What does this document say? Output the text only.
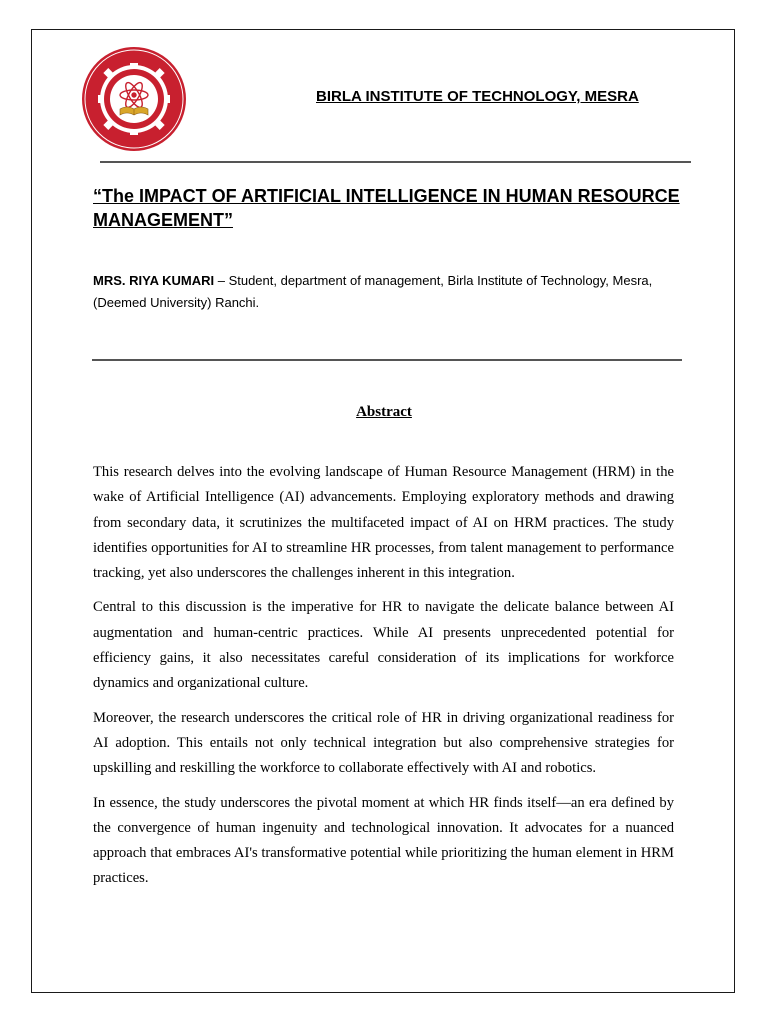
BIRLA INSTITUTE OF TECHNOLOGY, MESRA
“The IMPACT OF ARTIFICIAL INTELLIGENCE IN HUMAN RESOURCE MANAGEMENT”

MRS. RIYA KUMARI – Student, department of management, Birla Institute of Technology, Mesra, (Deemed University) Ranchi.

Abstract

This research delves into the evolving landscape of Human Resource Management (HRM) in the wake of Artificial Intelligence (AI) advancements. Employing exploratory methods and drawing from secondary data, it scrutinizes the multifaceted impact of AI on HRM practices. The study identifies opportunities for AI to streamline HR processes, from talent management to performance tracking, yet also underscores the challenges inherent in this integration.

Central to this discussion is the imperative for HR to navigate the delicate balance between AI augmentation and human-centric practices. While AI presents unprecedented potential for efficiency gains, it also necessitates careful consideration of its implications for workforce dynamics and organizational culture.

Moreover, the research underscores the critical role of HR in driving organizational readiness for AI adoption. This entails not only technical integration but also comprehensive strategies for upskilling and reskilling the workforce to collaborate effectively with AI and robotics.

In essence, the study underscores the pivotal moment at which HR finds itself—an era defined by the convergence of human ingenuity and technological innovation. It advocates for a nuanced approach that embraces AI's transformative potential while prioritizing the human element in HRM practices.
